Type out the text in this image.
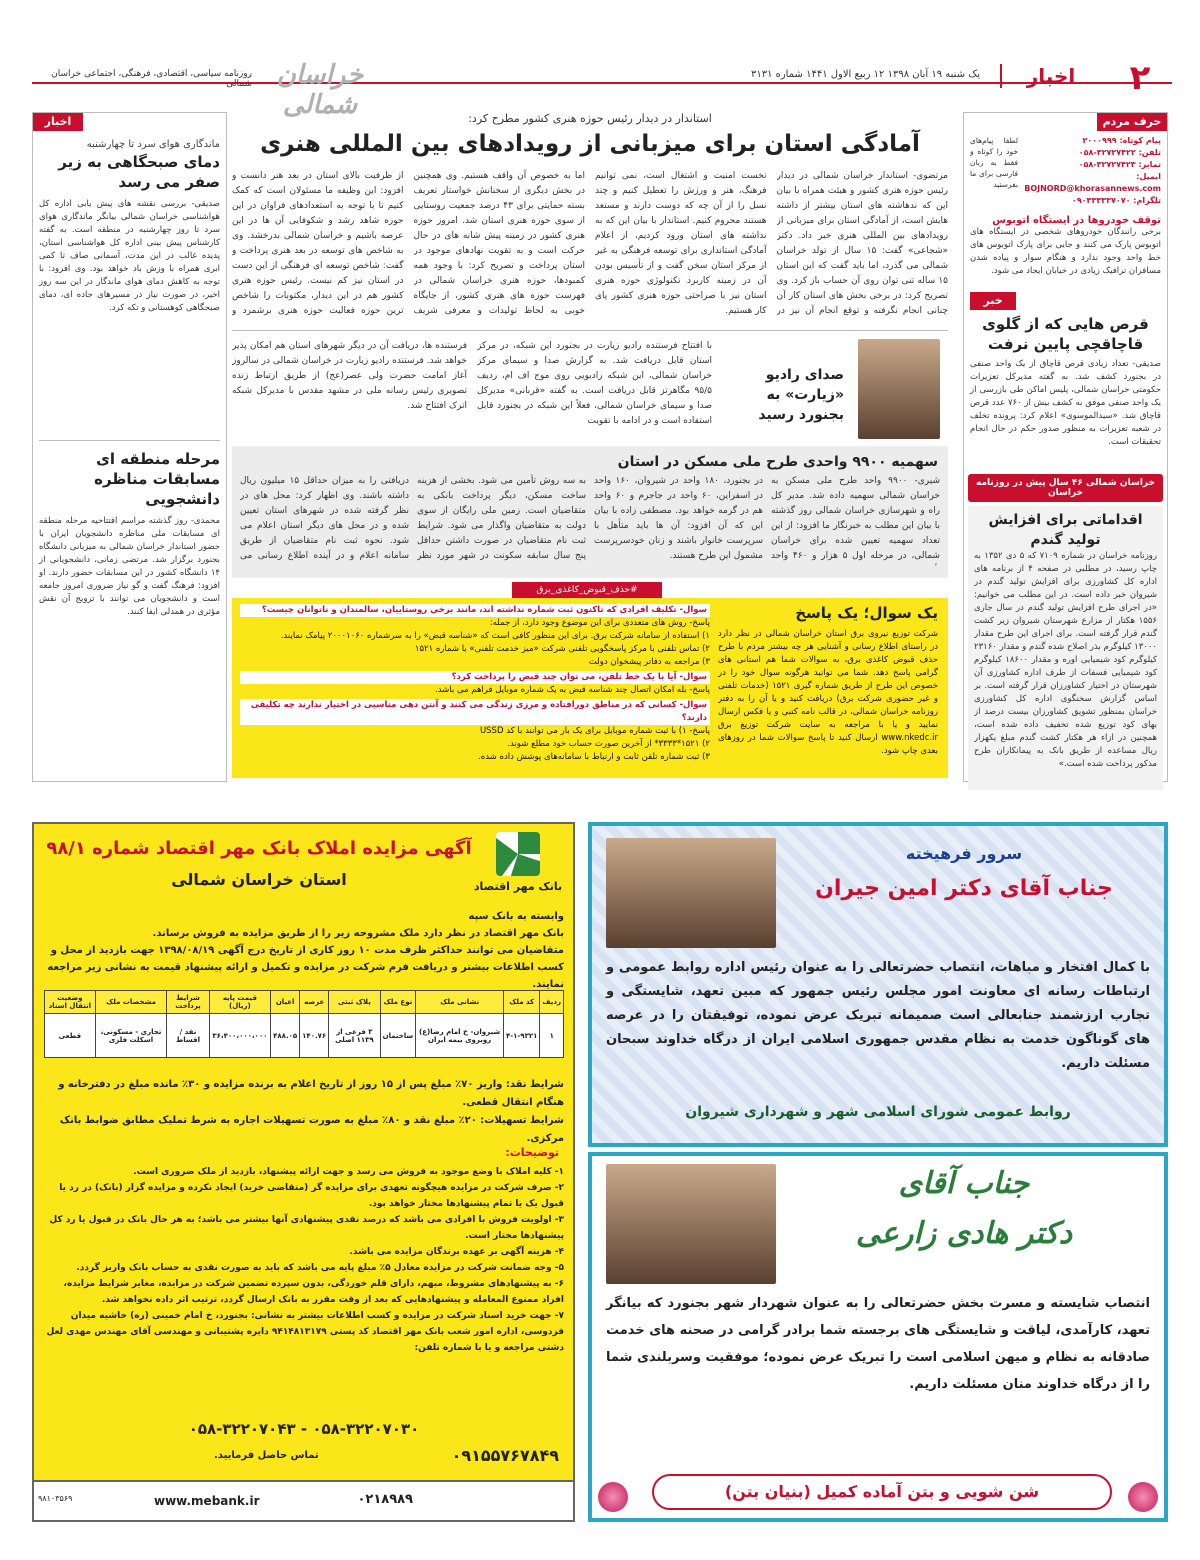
۲
اخبار
یک شنبه ۱۹ آبان ۱۳۹۸ ۱۲ ربیع الاول ۱۴۴۱ شماره ۳۱۳۱
خراسان شمالی
روزنامه سیاسی، اقتصادی، فرهنگی، اجتماعی خراسان شمالی
حرف مردم
پیام کوتاه: ۲۰۰۰۹۹۹
تلفن: ۳۲۷۲۷۴۲۲-۰۵۸
تمابر: ۳۲۷۲۷۴۲۳-۰۵۸
ایمیل: BOJNORD@khorasannews.com
تلگرام: ۰۹۰۳۳۳۳۳۷۰۷۰
لطفا پیام‌های خود را کوتاه و فقط به زبان فارسی برای ما بفرستید
توقف خودروها در ایستگاه اتوبوس
برخی رانندگان خودروهای شخصی در ایستگاه های اتوبوس پارک می کنند و جایی برای پارک اتوبوس های خط واحد وجود ندارد و هنگام سوار و پیاده شدن مسافران ترافیک زیادی در خیابان ایجاد می شود.
خبر
قرص هایی که از گلوی قاچاقچی پایین نرفت
صدیقی- تعداد زیادی قرص قاچاق از یک واحد صنفی در بجنورد کشف شد. به گفته مدیرکل تعزیرات حکومتی خراسان شمالی، پلیس اماکن طی بازرسی از یک واحد صنفی موفق به کشف بیش از ۷۶۰ عدد قرص قاچاق شد. «سیدالموسوی» اعلام کرد: پرونده تخلف در شعبه تعزیرات به منظور صدور حکم در حال انجام تحقیقات است.
خراسان شمالی ۴۶ سال پیش در روزنامه خراسان
اقداماتی برای افزایش تولید گندم
روزنامه خراسان در شماره ۷۱۰۹ که ۵ دی ۱۳۵۲ به چاپ رسید، در مطلبی در صفحه ۴ از برنامه های اداره کل کشاورزی برای افزایش تولید گندم در شیروان خبر داده است. در این مطلب می خوانیم: «در اجرای طرح افزایش تولید گندم در سال جاری ۱۵۵۶ هکتار از مزارع شهرستان شیروان زیر کشت گندم قرار گرفته است. برای اجرای این طرح مقدار ۱۳۰۰۰ کیلوگرم بذر اصلاح شده گندم و مقدار ۲۳۱۶۰ کیلوگرم کود شیمیایی اوره و مقدار ۱۸۶۰۰ کیلوگرم کود شیمیایی فسفات از طرف اداره کشاورزی آن شهرستان در اختیار کشاورزان قرار گرفته است. بر اساس گزارش سخنگوی اداره کل کشاورزی خراسان بمنظور تشویق کشاورزان بیست درصد از بهای کود توزیع شده تخفیف داده شده است، همچنین در ازاء هر هکتار کشت گندم مبلغ یکهزار ریال مساعده از طریق بانک به پیمانکاران طرح مذکور پرداخت شده است.»
استاندار در دیدار رئیس حوزه هنری کشور مطرح کرد:
آمادگی استان برای میزبانی از رویدادهای بین المللی هنری
مرتضوی- استاندار خراسان شمالی در دیدار رئیس حوزه هنری کشور و هیئت همراه با بیان این که ندهاشته های استان بیشتر از داشته هایش است، از آمادگی استان برای میزبانی از رویدادهای بین المللی هنری خبر داد. دکتر «شجاعی» گفت: ۱۵ سال از تولد خراسان شمالی می گذرد، اما باید گفت که این استان ۱۵ ساله تنی توان روی آن حساب باز کرد. وی تصریح کرد: در برخی بخش های استان کار آن چنانی انجام نگرفته و توقع انجام آن نیز در
نخست امنیت و اشتغال است، نمی توانیم فرهنگ، هنر و ورزش را تعطیل کنیم و چند نسل را از آن چه که دوست دارند و مستعد هستند محروم کنیم. استاندار با بیان این که به نداشته های استان ورود کردیم، از اعلام آمادگی استانداری برای توسعه فرهنگی به غیر از مرکز استان سخن گفت و از تأسیس بودن آن در زمینه کاربرد تکنولوژی حوزه هنری استان نیز با صراحتی حوزه هنری کشور پای کار هستیم.
اما به خصوص آن واقف هستیم. وی همچنین در بخش دیگری از سخنانش خواستار تعریف بسته حمایتی برای ۴۳ درصد جمعیت روستایی از سوی حوزه هنری استان شد. امروز حوزه هنری کشور در زمینه پیش شانه های در حال حرکت است و به تقویت نهادهای موجود در استان پرداخت و تصریح کرد: با وجود همه کمبودها، حوزه هنری خراسان شمالی در فهرست حوزه های هنری کشور، از جایگاه خوبی به لحاظ تولیدات و معرفی شریف
از ظرفیت بالای استان در بعد هنر دانست و افزود: این وظیفه ما مسئولان است که کمک کنیم تا با توجه به استعدادهای فراوان در این حوزه شاهد رشد و شکوفایی آن ها در این عرصه باشیم و خراسان شمالی بدرخشد. وی به شاخص های توسعه در بعد هنری پرداخت و گفت: شاخص توسعه ای فرهنگی از این دست در استان نیز کم نیست. رئیس حوزه هنری کشور هم در این دیدار، مکتوبات را شاخص ترین حوزه فعالیت حوزه هنری برشمرد و
صدای رادیو «زیارت» به بجنورد رسید
با افتتاح فرستنده رادیو زیارت در بجنورد این شبکه، در مرکز استان قابل دریافت شد. به گزارش صدا و سیمای مرکز خراسان شمالی، این شبکه رادیویی روی موج اف ام، ردیف ۹۵/۵ مگاهرتز قابل دریافت است. به گفته «قربانی» مدیرکل صدا و سیمای خراسان شمالی، فعلاً این شبکه در بجنورد قابل استفاده است و در ادامه با تقویت
فرستنده ها، دریافت آن در دیگر شهرهای استان هم امکان پذیر خواهد شد. فرستنده رادیو زیارت در خراسان شمالی در سالروز آغاز امامت حضرت ولی عصر(عج) از طریق ارتباط زنده تصویری رئیس رسانه ملی در مشهد مقدس با مدیرکل شبکه اترک افتتاح شد.
سهمیه ۹۹۰۰ واحدی طرح ملی مسکن در استان
شیری- ۹۹۰۰ واحد طرح ملی مسکن به خراسان شمالی سهمیه داده شد. مدیر کل راه و شهرسازی خراسان شمالی روز گذشته با بیان این مطلب به خبرنگار ما افزود: از این تعداد سهمیه تعیین شده برای خراسان شمالی، در مرحله اول ۵ هزار و ۴۶۰ واحد
در بجنورد، ۱۸۰ واحد در شیروان، ۱۶۰ واحد در اسفراین، ۶۰ واحد در جاجرم و ۶۰ واحد هم در گرمه خواهد بود. مصطفی زاده با بیان این که آن افزود: آن ها باید متأهل با سرپرست خانوار باشند و زنان خودسرپرست مشمول این طرح هستند.
به سه روش تأمین می شود. بخشی از هزینه ساخت مسکن، دیگر پرداخت بانکی به متقاضیان است. زمین ملی رایگان از سوی دولت به متقاضیان واگذار می شود. شرایط ثبت نام متقاضیان در صورت داشتن حداقل پنج سال سابقه سکونت در شهر مورد نظر
دریافتی را به میزان حداقل ۱۵ میلیون ریال داشته باشند. وی اظهار کرد: محل های در نظر گرفته شده در شهرهای استان تعیین شده و در محل های دیگر استان اعلام می شود. نحوه ثبت نام متقاضیان از طریق سامانه اعلام و در آینده اطلاع رسانی می
#حذف_قبوض_کاغذی_برق
یک سوال؛ یک پاسخ
شرکت توزیع نیروی برق استان خراسان شمالی در نظر دارد در راستای اطلاع رسانی و آشنایی هر چه بیشتر مردم با طرح حذف قبوض کاغذی برق، به سوالات شما هم استانی های گرامی پاسخ دهد. شما می توانید هرگونه سوال خود را در خصوص این طرح از طریق شماره گیری ۱۵۲۱ (خدمات تلفنی و غیر حضوری شرکت برق) دریافت کنید و یا آن را به دفتر روزنامه خراسان شمالی، در قالب نامه کتبی و یا فکس ارسال نمایید و یا با مراجعه به سایت شرکت توزیع برق www.nkedc.ir ارسال کنید تا پاسخ سوالات شما در روزهای بعدی چاپ شود.
سوال- تکلیف افرادی که تاکنون ثبت شماره نداشته اند، مانند برخی روستاییان، سالمندان و ناتوانان چیست؟
پاسخ- روش های متعددی برای این موضوع وجود دارد، از جمله:
۱) استفاده از سامانه شرکت برق. برای این منظور کافی است که «شناسه قبض» را به سرشماره ۲۰۰۰۱۰۶۰ پیامک نمایند.
۲) تماس تلفنی با مرکز پاسخگویی تلفنی شرکت «میز خدمت تلفنی» با شماره ۱۵۲۱
۳) مراجعه به دفاتر پیشخوان دولت
سوال- آیا با یک خط تلفن، می توان چند قبض را پرداخت کرد؟
پاسخ- بله امکان اتصال چند شناسه قبض به یک شماره موبایل فراهم می باشد.
سوال- کسانی که در مناطق دورافتاده و مرزی زندگی می کنند و آنتن دهی مناسبی در اختیار ندارند چه تکلیفی دارند؟
پاسخ- ۱) با ثبت شماره موبایل برای یک بار می توانند با کد USSD
۲) ۱۵۲۱*۳۳۳۳* از آخرین صورت حساب خود مطلع شوند.
۳) ثبت شماره تلفن ثابت و ارتباط با سامانه‌های پوشش داده شده.
اخبار
ماندگاری هوای سرد تا چهارشنبه
دمای صبحگاهی به زیر صفر می رسد
صدیقی- بررسی نقشه های پیش یابی اداره کل هواشناسی خراسان شمالی بیانگر ماندگاری هوای سرد تا روز چهارشنبه در منطقه است. به گفته کارشناس پیش بینی اداره کل هواشناسی استان، پدیده غالب در این مدت، آسمانی صاف تا کمی ابری همراه با وزش باد خواهد بود. وی افزود: با توجه به کاهش دمای هوای ماندگار در این سه روز اخیر، در صورت نیاز در مسیرهای جاده ای، دمای صبحگاهی کوهستانی و تکه کرد.
مرحله منطقه ای مسابقات مناظره دانشجویی
محمدی- روز گذشته مراسم افتتاحیه مرحله منطقه ای مسابقات ملی مناظره دانشجویان ایران با حضور استاندار خراسان شمالی به میزبانی دانشگاه بجنورد برگزار شد. مرتضی زمانی، دانشجویانی از ۱۴ دانشگاه کشور در این مسابقات حضور دارند. او افزود: فرهنگ گفت و گو نیاز ضروری امروز جامعه است و دانشجویان می توانند با ترویج آن نقش مؤثری در همدلی ایفا کنند.
بانک مهر اقتصاد
آگهی مزایده املاک بانک مهر اقتصاد شماره ۹۸/۱
استان خراسان شمالی
وابسته به بانک سپه
بانک مهر اقتصاد در نظر دارد ملک مشروحه زیر را از طریق مزایده به فروش برساند.
متقاضیان می توانند حداکثر ظرف مدت ۱۰ روز کاری از تاریخ درج آگهی ۱۳۹۸/۰۸/۱۹ جهت بازدید از محل و کسب اطلاعات بیشتر و دریافت فرم شرکت در مزایده و تکمیل و ارائه پیشنهاد قیمت به نشانی زیر مراجعه نمایند.
ردیف	کد ملک	نشانی ملک	نوع ملک	پلاک ثبتی	عرصه	اعیان	قیمت پایه (ریال)	شرایط پرداخت	مشخصات ملک	وضعیت انتقال اسناد
۱	۴-۱-۹۳۲۱	شیروان- خ امام رضا(ع) روبروی بیمه ایران	ساختمان	۳ فرعی از ۱۱۳۹ اصلی	۱۴۰.۷۶	۴۸۸.۰۵	۳۶،۴۰۰،۰۰۰،۰۰۰	نقد / اقساط	تجاری - مسکونی، اسکلت فلزی	قطعی
شرایط نقد: واریز ۷۰٪ مبلغ پس از ۱۵ روز از تاریخ اعلام به برنده مزایده و ۳۰٪ مانده مبلغ در دفترخانه و هنگام انتقال قطعی.
شرایط تسهیلات: ۲۰٪ مبلغ نقد و ۸۰٪ مبلغ به صورت تسهیلات اجاره به شرط تملیک مطابق ضوابط بانک مرکزی.
توضیحات:
۱- کلیه املاک با وضع موجود به فروش می رسد و جهت ارائه پیشنهاد، بازدید از ملک ضروری است.
۲- صرف شرکت در مزایده هیچگونه تعهدی برای مزایده گر (متقاضی خرید) ایجاد نکرده و مزایده گزار (بانک) در رد یا قبول یک یا تمام پیشنهادها مختار خواهد بود.
۳- اولویت فروش با افرادی می باشد که درصد نقدی پیشنهادی آنها بیشتر می باشد؛ به هر حال بانک در قبول یا رد کل پیشنهادها مختار است.
۴- هزینه آگهی بر عهده برندگان مزایده می باشد.
۵- وجه ضمانت شرکت در مزایده معادل ۵٪ مبلغ پایه می باشد که باید به صورت نقدی به حساب بانک واریز گردد.
۶- به پیشنهادهای مشروط، مبهم، دارای قلم خوردگی، بدون سپرده تضمین شرکت در مزایده، مغایر شرایط مزایده، افراد ممنوع المعامله و پیشنهادهایی که بعد از وقت مقرر به بانک ارسال گردد، ترتیب اثر داده نخواهد شد.
۷- جهت خرید اسناد شرکت در مزایده و کسب اطلاعات بیشتر به نشانی: بجنورد، خ امام خمینی (ره) حاشیه میدان فردوسی، اداره امور شعب بانک مهر اقتصاد کد پستی ۹۴۱۴۸۱۳۱۷۹ دایره پشتیبانی و مهندسی آقای مهندس مهدی لعل دشتی مراجعه و یا با شماره تلفن:
۰۵۸-۳۲۲۰۷۰۳۰ - ۰۵۸-۳۲۲۰۷۰۴۳
۰۹۱۵۵۷۶۷۸۴۹
تماس حاصل فرمایید.
۰۲۱۸۹۸۹
www.mebank.ir
۹۸۱۰۳۵۶۹
سرور فرهیخته
جناب آقای دکتر امین جیران
با کمال افتخار و مباهات، انتصاب حضرتعالی را به عنوان رئیس اداره روابط عمومی و ارتباطات رسانه ای معاونت امور مجلس رئیس جمهور که مبین تعهد، شایستگی و تجارب ارزشمند جنابعالی است صمیمانه تبریک عرض نموده، توفیقتان را در عرصه های گوناگون خدمت به نظام مقدس جمهوری اسلامی ایران از درگاه خداوند سبحان مسئلت داریم.
روابط عمومی شورای اسلامی شهر و شهرداری شیروان
جناب آقای
دکتر هادی زارعی
انتصاب شایسته و مسرت بخش حضرتعالی را به عنوان شهردار شهر بجنورد که بیانگر تعهد، کارآمدی، لیاقت و شایستگی های برجسته شما برادر گرامی در صحنه های خدمت صادقانه به نظام و میهن اسلامی است را تبریک عرض نموده؛ موفقیت وسربلندی شما را از درگاه خداوند منان مسئلت داریم.
شن شویی و بتن آماده کمیل (بنیان بتن)
